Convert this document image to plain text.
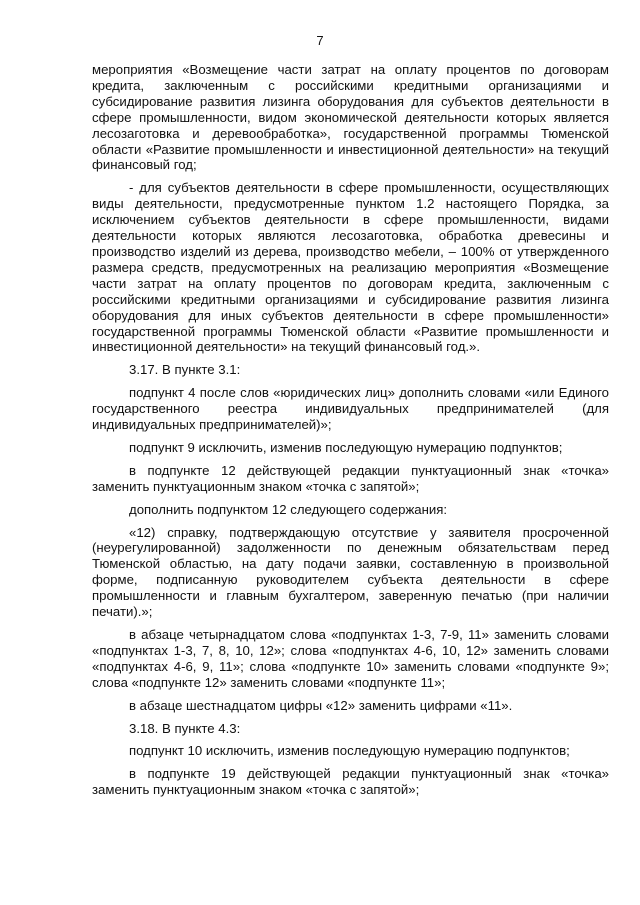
7

мероприятия «Возмещение части затрат на оплату процентов по договорам кредита, заключенным с российскими кредитными организациями и субсидирование развития лизинга оборудования для субъектов деятельности в сфере промышленности, видом экономической деятельности которых является лесозаготовка и деревообработка», государственной программы Тюменской области «Развитие промышленности и инвестиционной деятельности» на текущий финансовый год;

- для субъектов деятельности в сфере промышленности, осуществляющих виды деятельности, предусмотренные пунктом 1.2 настоящего Порядка, за исключением субъектов деятельности в сфере промышленности, видами деятельности которых являются лесозаготовка, обработка древесины и производство изделий из дерева, производство мебели, – 100% от утвержденного размера средств, предусмотренных на реализацию мероприятия «Возмещение части затрат на оплату процентов по договорам кредита, заключенным с российскими кредитными организациями и субсидирование развития лизинга оборудования для иных субъектов деятельности в сфере промышленности» государственной программы Тюменской области «Развитие промышленности и инвестиционной деятельности» на текущий финансовый год.».

3.17. В пункте 3.1:

подпункт 4 после слов «юридических лиц» дополнить словами «или Единого государственного реестра индивидуальных предпринимателей (для индивидуальных предпринимателей)»;

подпункт 9 исключить, изменив последующую нумерацию подпунктов;

в подпункте 12 действующей редакции пунктуационный знак «точка» заменить пунктуационным знаком «точка с запятой»;

дополнить подпунктом 12 следующего содержания:

«12) справку, подтверждающую отсутствие у заявителя просроченной (неурегулированной) задолженности по денежным обязательствам перед Тюменской областью, на дату подачи заявки, составленную в произвольной форме, подписанную руководителем субъекта деятельности в сфере промышленности и главным бухгалтером, заверенную печатью (при наличии печати).»;

в абзаце четырнадцатом слова «подпунктах 1-3, 7-9, 11» заменить словами «подпунктах 1-3, 7, 8, 10, 12»; слова «подпунктах 4-6, 10, 12» заменить словами «подпунктах 4-6, 9, 11»; слова «подпункте 10» заменить словами «подпункте 9»; слова «подпункте 12» заменить словами «подпункте 11»;

в абзаце шестнадцатом цифры «12» заменить цифрами «11».

3.18. В пункте 4.3:

подпункт 10 исключить, изменив последующую нумерацию подпунктов;

в подпункте 19 действующей редакции пунктуационный знак «точка» заменить пунктуационным знаком «точка с запятой»;
